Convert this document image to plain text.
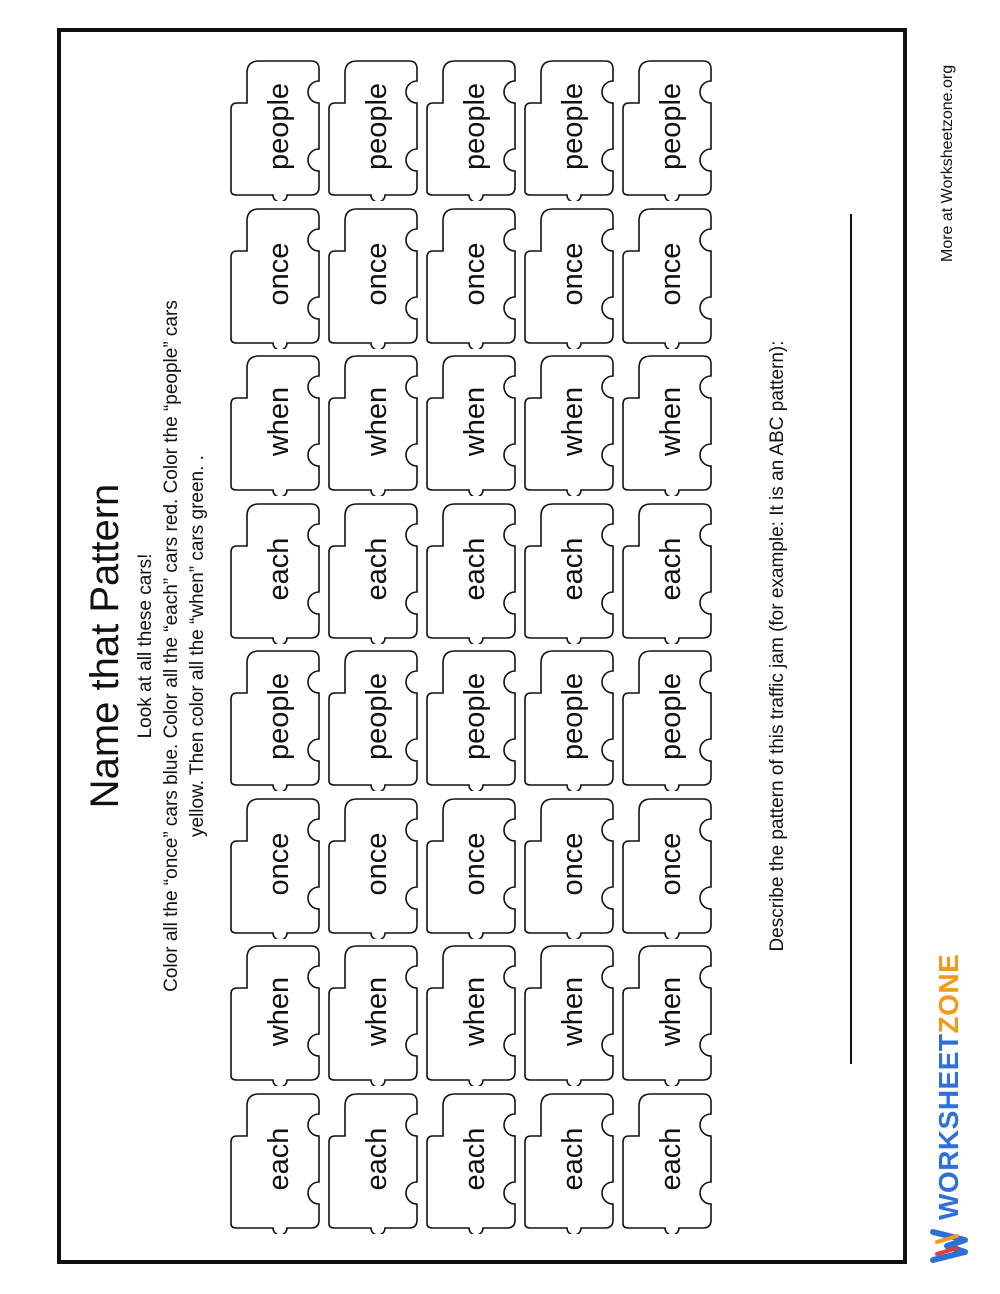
Name that Pattern Look at all these cars! Color all the “once” cars blue. Color all the “each” cars red. Color the “people” cars yellow. Then color all the “when” cars green. .

each
when
once
people
each
when
once
people
each
when
once
people
each
when
once
people
each
when
once
people
each
when
once
people
each
when
once
people
each
when
once
people
each
when
once
people
each
when
once
people

Describe the pattern of this traffic jam (for example: It is an ABC pattern):

WORKSHEETZONE

More at Worksheetzone.org
